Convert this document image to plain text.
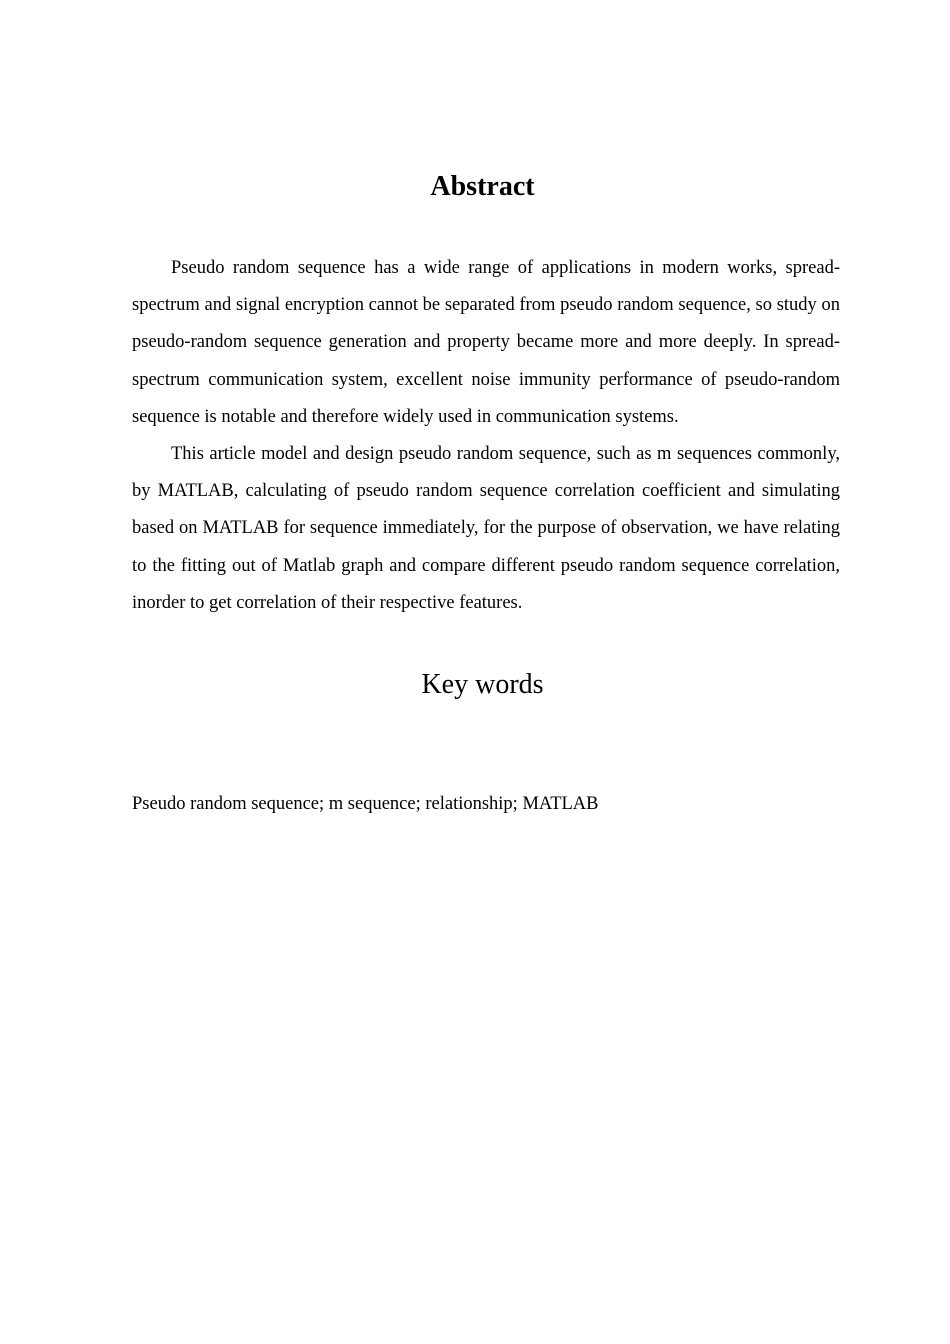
Abstract

Pseudo random sequence has a wide range of applications in modern works, spread-spectrum and signal encryption cannot be separated from pseudo random sequence, so study on pseudo-random sequence generation and property became more and more deeply. In spread-spectrum communication system, excellent noise immunity performance of pseudo-random sequence is notable and therefore widely used in communication systems.

This article model and design pseudo random sequence, such as m sequences commonly, by MATLAB, calculating of pseudo random sequence correlation coefficient and simulating based on MATLAB for sequence immediately, for the purpose of observation, we have relating to the fitting out of Matlab graph and compare different pseudo random sequence correlation, inorder to get correlation of their respective features.

Key words

Pseudo random sequence; m sequence; relationship; MATLAB
